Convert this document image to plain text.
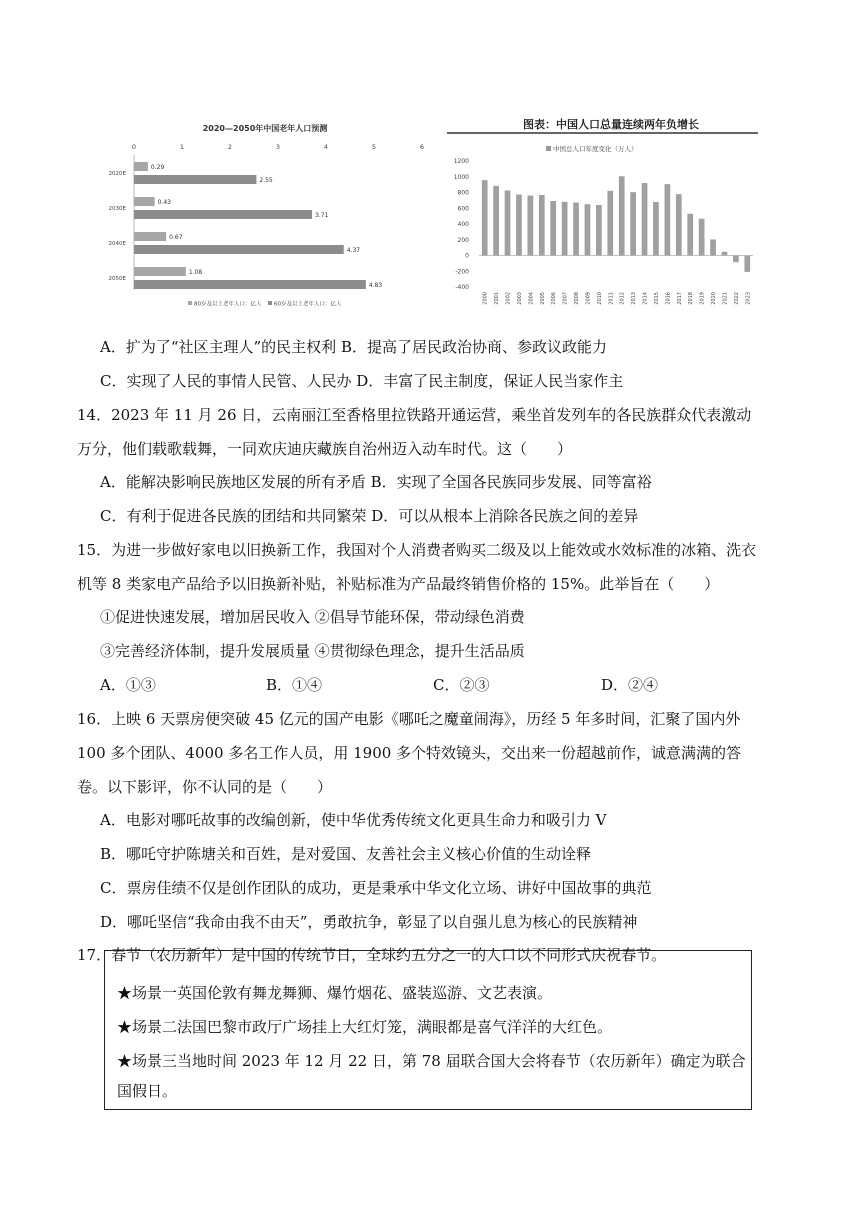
2020—2050年中国老年人口预测
0	1	2	3	4	5	6
2020E
2030E
2040E
2050E
0.29
2.55
0.43
3.71
0.67
4.37
1.08
4.83
80岁及以上老年人口：亿人 60岁及以上老年人口：亿人
图表：中国人口总量连续两年负增长
中国总人口年度变化（万人）
1200
1000
800
600
400
200
0
-200
-400
2000 2001 2002 2003 2004 2005 2006 2007 2008 2009 2010 2011 2012 2013 2014 2015 2016 2017 2018 2019 2020 2021 2022 2023
A．扩为了“社区主理人”的民主权利 B．提高了居民政治协商、参政议政能力
C．实现了人民的事情人民管、人民办 D．丰富了民主制度，保证人民当家作主
14．2023 年 11 月 26 日，云南丽江至香格里拉铁路开通运营，乘坐首发列车的各民族群众代表激动万分，他们载歌载舞，一同欢庆迪庆藏族自治州迈入动车时代。这（　　）
A．能解决影响民族地区发展的所有矛盾 B．实现了全国各民族同步发展、同等富裕
C．有利于促进各民族的团结和共同繁荣 D．可以从根本上消除各民族之间的差异
15．为进一步做好家电以旧换新工作，我国对个人消费者购买二级及以上能效或水效标准的冰箱、洗衣机等 8 类家电产品给予以旧换新补贴，补贴标准为产品最终销售价格的 15%。此举旨在（　　）
①促进快速发展，增加居民收入 ②倡导节能环保，带动绿色消费
③完善经济体制，提升发展质量 ④贯彻绿色理念，提升生活品质
A．①③	B．①④	C．②③	D．②④
16．上映 6 天票房便突破 45 亿元的国产电影《哪吒之魔童闹海》，历经 5 年多时间，汇聚了国内外 100 多个团队、4000 多名工作人员，用 1900 多个特效镜头，交出来一份超越前作，诚意满满的答卷。以下影评，你不认同的是（　　）
A．电影对哪吒故事的改编创新，使中华优秀传统文化更具生命力和吸引力 V
B．哪吒守护陈塘关和百姓，是对爱国、友善社会主义核心价值的生动诠释
C．票房佳绩不仅是创作团队的成功，更是秉承中华文化立场、讲好中国故事的典范
D．哪吒坚信“我命由我不由天”，勇敢抗争，彰显了以自强儿息为核心的民族精神
17．春节（农历新年）是中国的传统节日，全球约五分之一的人口以不同形式庆祝春节。
★场景一英国伦敦有舞龙舞狮、爆竹烟花、盛装巡游、文艺表演。
★场景二法国巴黎市政厅广场挂上大红灯笼，满眼都是喜气洋洋的大红色。
★场景三当地时间 2023 年 12 月 22 日，第 78 届联合国大会将春节（农历新年）确定为联合
国假日。
